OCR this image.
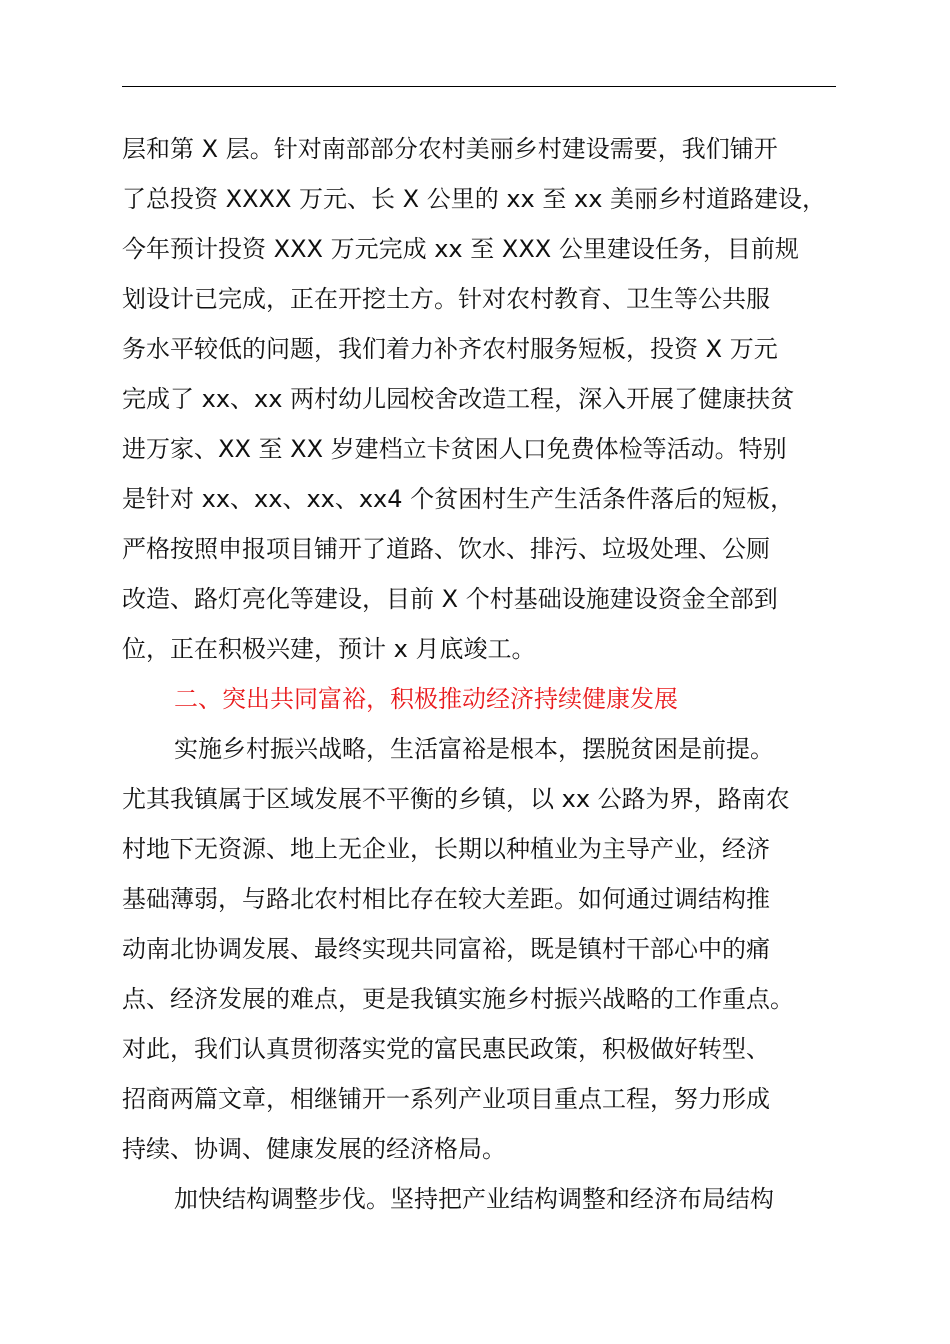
层和第 X 层。针对南部部分农村美丽乡村建设需要，我们铺开
了总投资 XXXX 万元、长 X 公里的 xx 至 xx 美丽乡村道路建设，
今年预计投资 XXX 万元完成 xx 至 XXX 公里建设任务，目前规
划设计已完成，正在开挖土方。针对农村教育、卫生等公共服
务水平较低的问题，我们着力补齐农村服务短板，投资 X 万元
完成了 xx、xx 两村幼儿园校舍改造工程，深入开展了健康扶贫
进万家、XX 至 XX 岁建档立卡贫困人口免费体检等活动。特别
是针对 xx、xx、xx、xx4 个贫困村生产生活条件落后的短板，
严格按照申报项目铺开了道路、饮水、排污、垃圾处理、公厕
改造、路灯亮化等建设，目前 X 个村基础设施建设资金全部到
位，正在积极兴建，预计 x 月底竣工。
二、突出共同富裕，积极推动经济持续健康发展
实施乡村振兴战略，生活富裕是根本，摆脱贫困是前提。
尤其我镇属于区域发展不平衡的乡镇，以 xx 公路为界，路南农
村地下无资源、地上无企业，长期以种植业为主导产业，经济
基础薄弱，与路北农村相比存在较大差距。如何通过调结构推
动南北协调发展、最终实现共同富裕，既是镇村干部心中的痛
点、经济发展的难点，更是我镇实施乡村振兴战略的工作重点。
对此，我们认真贯彻落实党的富民惠民政策，积极做好转型、
招商两篇文章，相继铺开一系列产业项目重点工程，努力形成
持续、协调、健康发展的经济格局。
加快结构调整步伐。坚持把产业结构调整和经济布局结构
